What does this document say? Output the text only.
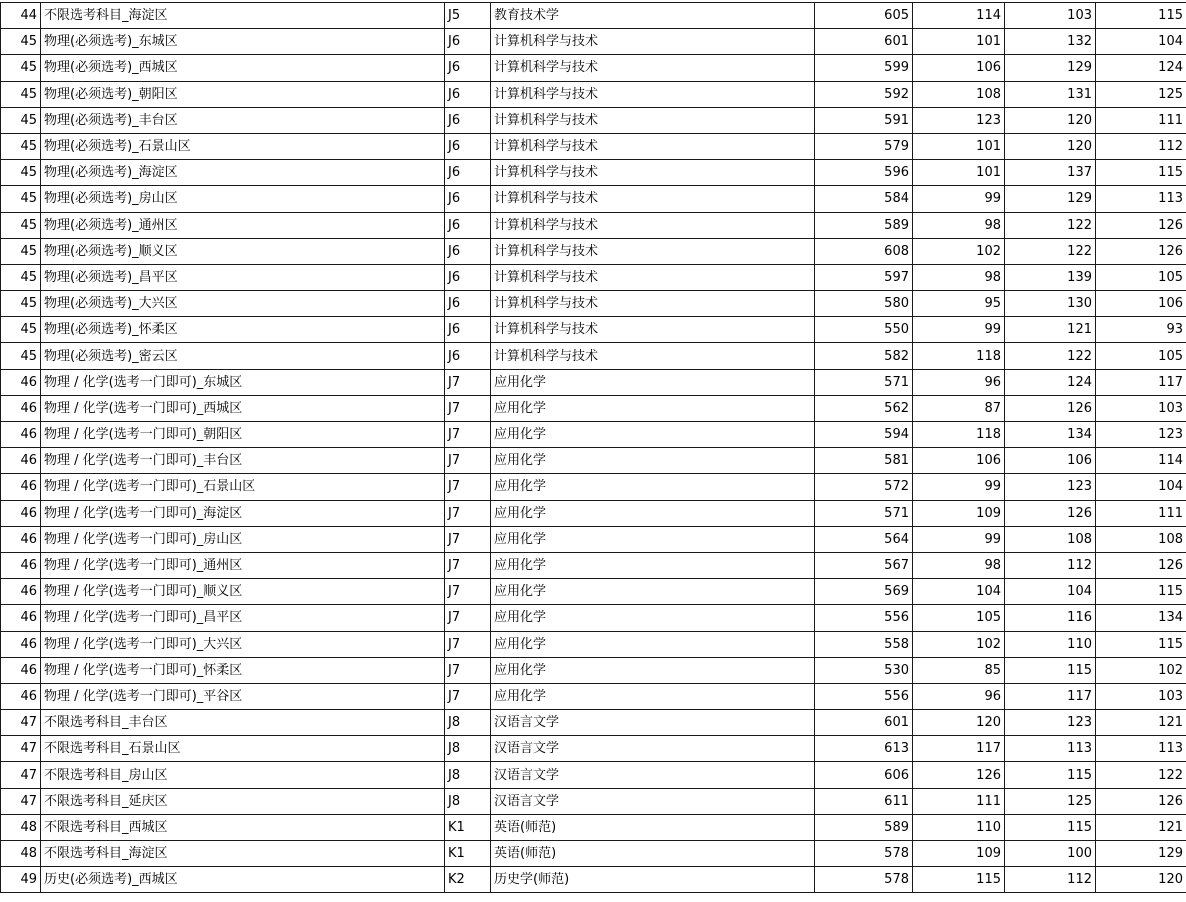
44	不限选考科目_海淀区	J5	教育技术学	605	114	103	115
45	物理(必须选考)_东城区	J6	计算机科学与技术	601	101	132	104
45	物理(必须选考)_西城区	J6	计算机科学与技术	599	106	129	124
45	物理(必须选考)_朝阳区	J6	计算机科学与技术	592	108	131	125
45	物理(必须选考)_丰台区	J6	计算机科学与技术	591	123	120	111
45	物理(必须选考)_石景山区	J6	计算机科学与技术	579	101	120	112
45	物理(必须选考)_海淀区	J6	计算机科学与技术	596	101	137	115
45	物理(必须选考)_房山区	J6	计算机科学与技术	584	99	129	113
45	物理(必须选考)_通州区	J6	计算机科学与技术	589	98	122	126
45	物理(必须选考)_顺义区	J6	计算机科学与技术	608	102	122	126
45	物理(必须选考)_昌平区	J6	计算机科学与技术	597	98	139	105
45	物理(必须选考)_大兴区	J6	计算机科学与技术	580	95	130	106
45	物理(必须选考)_怀柔区	J6	计算机科学与技术	550	99	121	93
45	物理(必须选考)_密云区	J6	计算机科学与技术	582	118	122	105
46	物理 / 化学(选考一门即可)_东城区	J7	应用化学	571	96	124	117
46	物理 / 化学(选考一门即可)_西城区	J7	应用化学	562	87	126	103
46	物理 / 化学(选考一门即可)_朝阳区	J7	应用化学	594	118	134	123
46	物理 / 化学(选考一门即可)_丰台区	J7	应用化学	581	106	106	114
46	物理 / 化学(选考一门即可)_石景山区	J7	应用化学	572	99	123	104
46	物理 / 化学(选考一门即可)_海淀区	J7	应用化学	571	109	126	111
46	物理 / 化学(选考一门即可)_房山区	J7	应用化学	564	99	108	108
46	物理 / 化学(选考一门即可)_通州区	J7	应用化学	567	98	112	126
46	物理 / 化学(选考一门即可)_顺义区	J7	应用化学	569	104	104	115
46	物理 / 化学(选考一门即可)_昌平区	J7	应用化学	556	105	116	134
46	物理 / 化学(选考一门即可)_大兴区	J7	应用化学	558	102	110	115
46	物理 / 化学(选考一门即可)_怀柔区	J7	应用化学	530	85	115	102
46	物理 / 化学(选考一门即可)_平谷区	J7	应用化学	556	96	117	103
47	不限选考科目_丰台区	J8	汉语言文学	601	120	123	121
47	不限选考科目_石景山区	J8	汉语言文学	613	117	113	113
47	不限选考科目_房山区	J8	汉语言文学	606	126	115	122
47	不限选考科目_延庆区	J8	汉语言文学	611	111	125	126
48	不限选考科目_西城区	K1	英语(师范)	589	110	115	121
48	不限选考科目_海淀区	K1	英语(师范)	578	109	100	129
49	历史(必须选考)_西城区	K2	历史学(师范)	578	115	112	120
